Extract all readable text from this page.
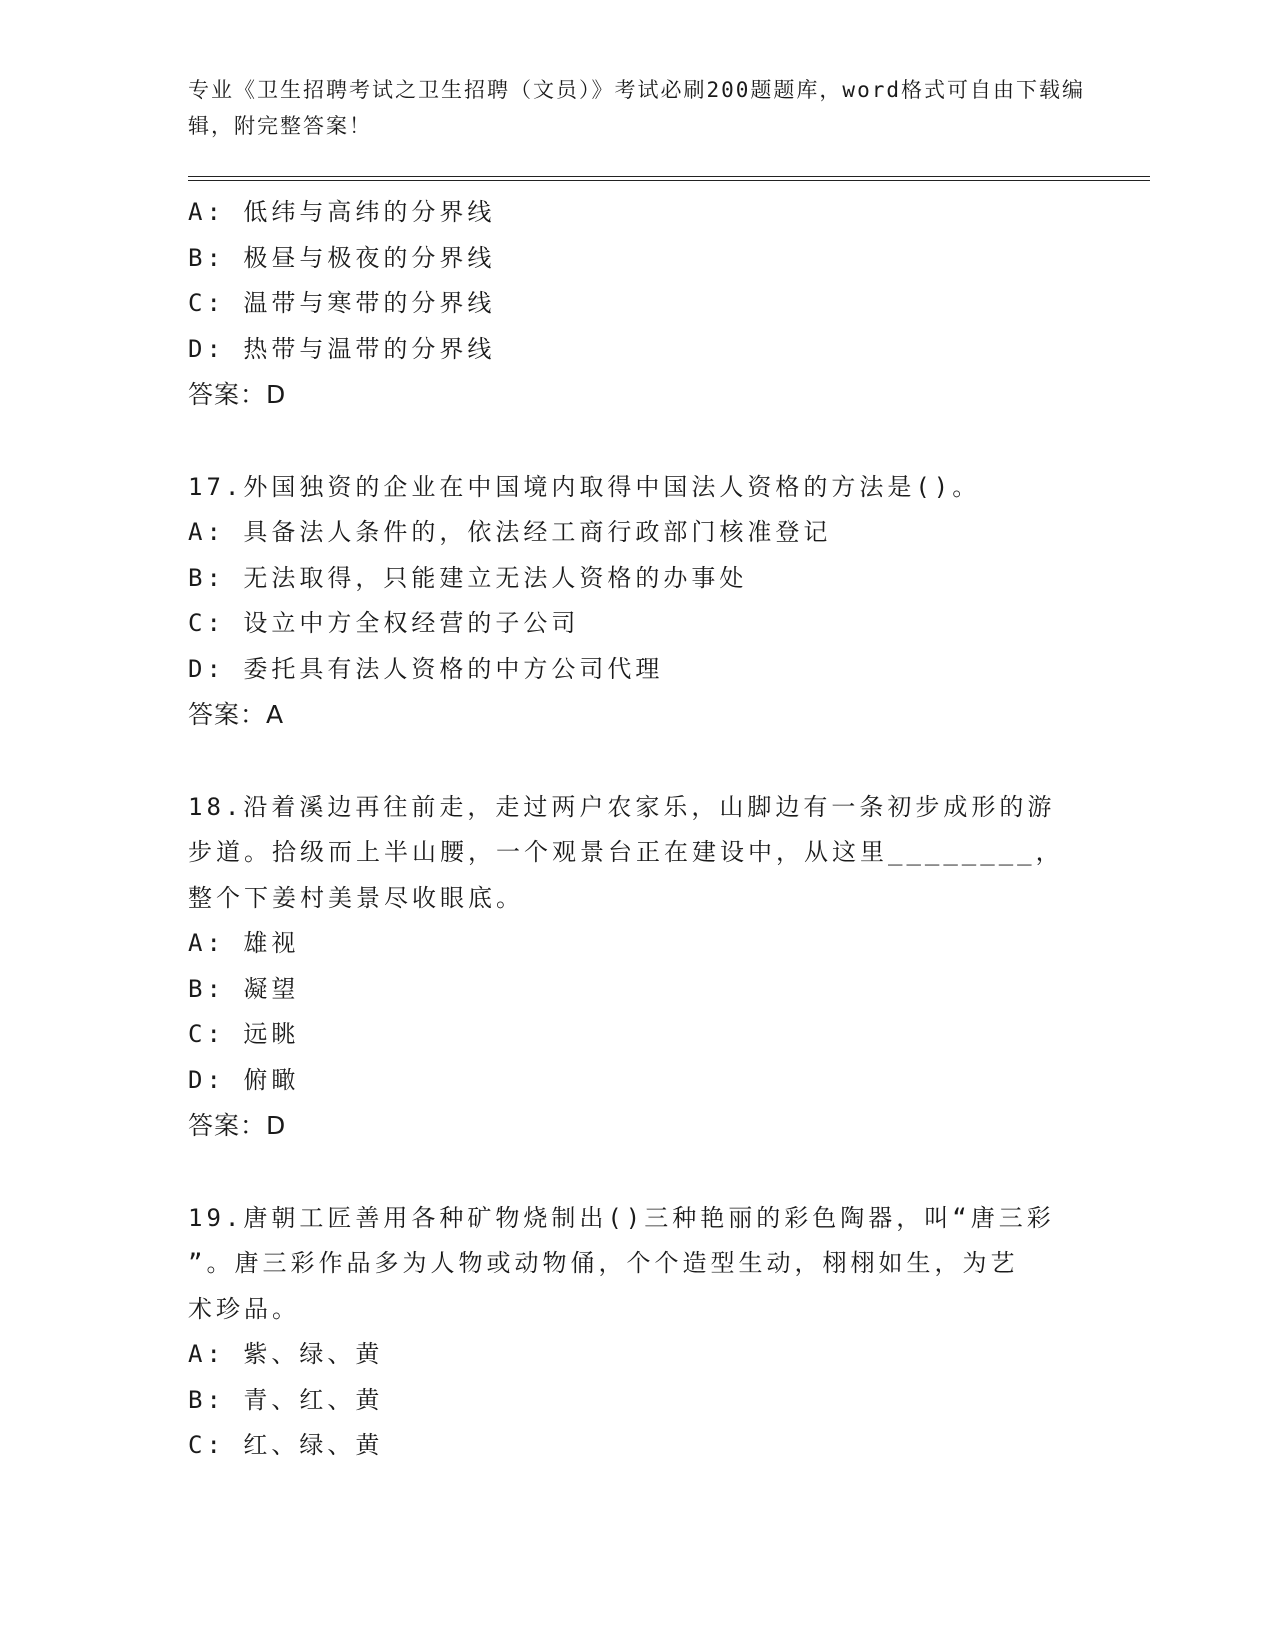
专业《卫生招聘考试之卫生招聘（文员）》考试必刷200题题库，word格式可自由下载编辑，附完整答案！
A: 低纬与高纬的分界线
B: 极昼与极夜的分界线
C: 温带与寒带的分界线
D: 热带与温带的分界线
答案：D
17.外国独资的企业在中国境内取得中国法人资格的方法是()。
A: 具备法人条件的，依法经工商行政部门核准登记
B: 无法取得，只能建立无法人资格的办事处
C: 设立中方全权经营的子公司
D: 委托具有法人资格的中方公司代理
答案：A
18.沿着溪边再往前走，走过两户农家乐，山脚边有一条初步成形的游
步道。拾级而上半山腰，一个观景台正在建设中，从这里________，
整个下姜村美景尽收眼底。
A: 雄视
B: 凝望
C: 远眺
D: 俯瞰
答案：D
19.唐朝工匠善用各种矿物烧制出()三种艳丽的彩色陶器，叫“唐三彩
”。唐三彩作品多为人物或动物俑，个个造型生动，栩栩如生，为艺
术珍品。
A: 紫、绿、黄
B: 青、红、黄
C: 红、绿、黄
